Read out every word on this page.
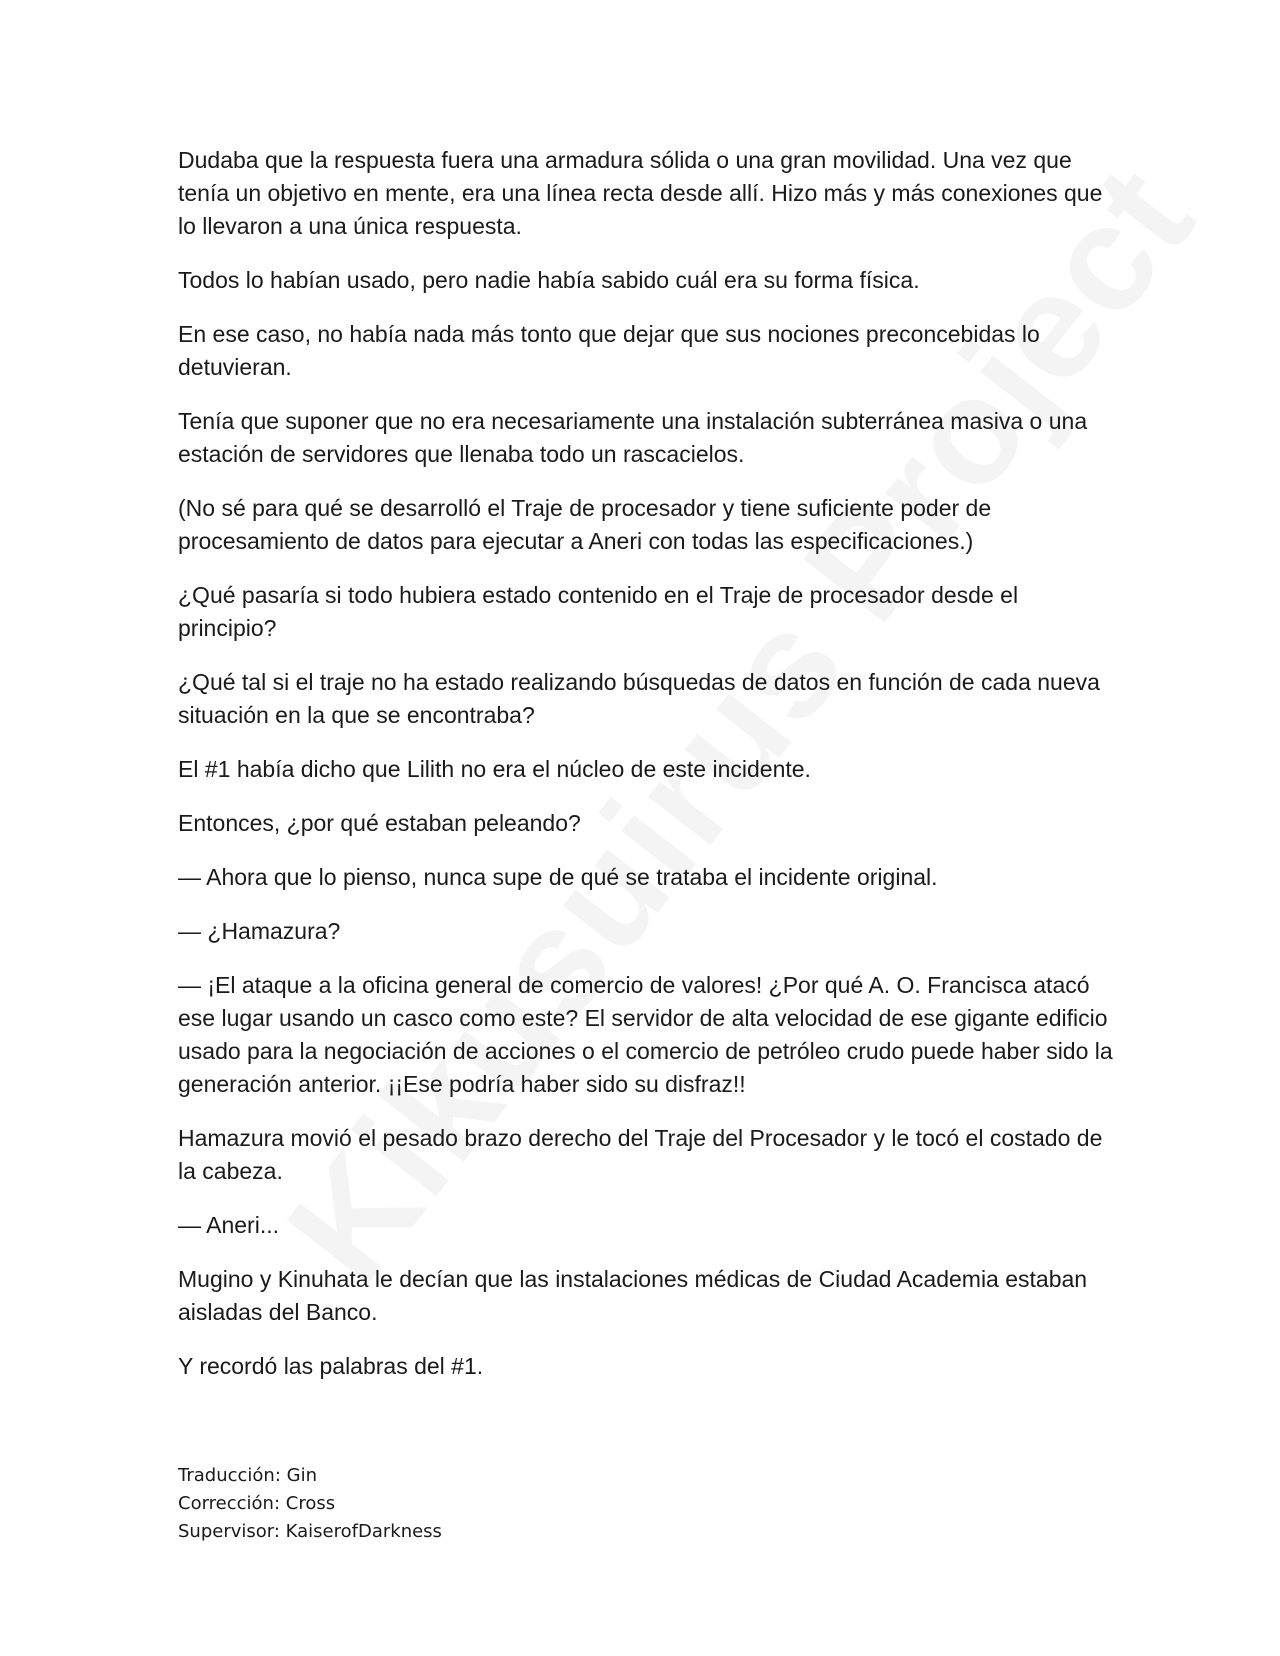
Dudaba que la respuesta fuera una armadura sólida o una gran movilidad. Una vez que tenía un objetivo en mente, era una línea recta desde allí. Hizo más y más conexiones que lo llevaron a una única respuesta.

Todos lo habían usado, pero nadie había sabido cuál era su forma física.

En ese caso, no había nada más tonto que dejar que sus nociones preconcebidas lo detuvieran.

Tenía que suponer que no era necesariamente una instalación subterránea masiva o una estación de servidores que llenaba todo un rascacielos.

(No sé para qué se desarrolló el Traje de procesador y tiene suficiente poder de procesamiento de datos para ejecutar a Aneri con todas las especificaciones.)

¿Qué pasaría si todo hubiera estado contenido en el Traje de procesador desde el principio?

¿Qué tal si el traje no ha estado realizando búsquedas de datos en función de cada nueva situación en la que se encontraba?

El #1 había dicho que Lilith no era el núcleo de este incidente.

Entonces, ¿por qué estaban peleando?

— Ahora que lo pienso, nunca supe de qué se trataba el incidente original.

— ¿Hamazura?

— ¡El ataque a la oficina general de comercio de valores! ¿Por qué A. O. Francisca atacó ese lugar usando un casco como este? El servidor de alta velocidad de ese gigante edificio usado para la negociación de acciones o el comercio de petróleo crudo puede haber sido la generación anterior. ¡¡Ese podría haber sido su disfraz!!

Hamazura movió el pesado brazo derecho del Traje del Procesador y le tocó el costado de la cabeza.

— Aneri...

Mugino y Kinuhata le decían que las instalaciones médicas de Ciudad Academia estaban aisladas del Banco.

Y recordó las palabras del #1.

Traducción: Gin
Corrección: Cross
Supervisor: KaiserofDarkness
